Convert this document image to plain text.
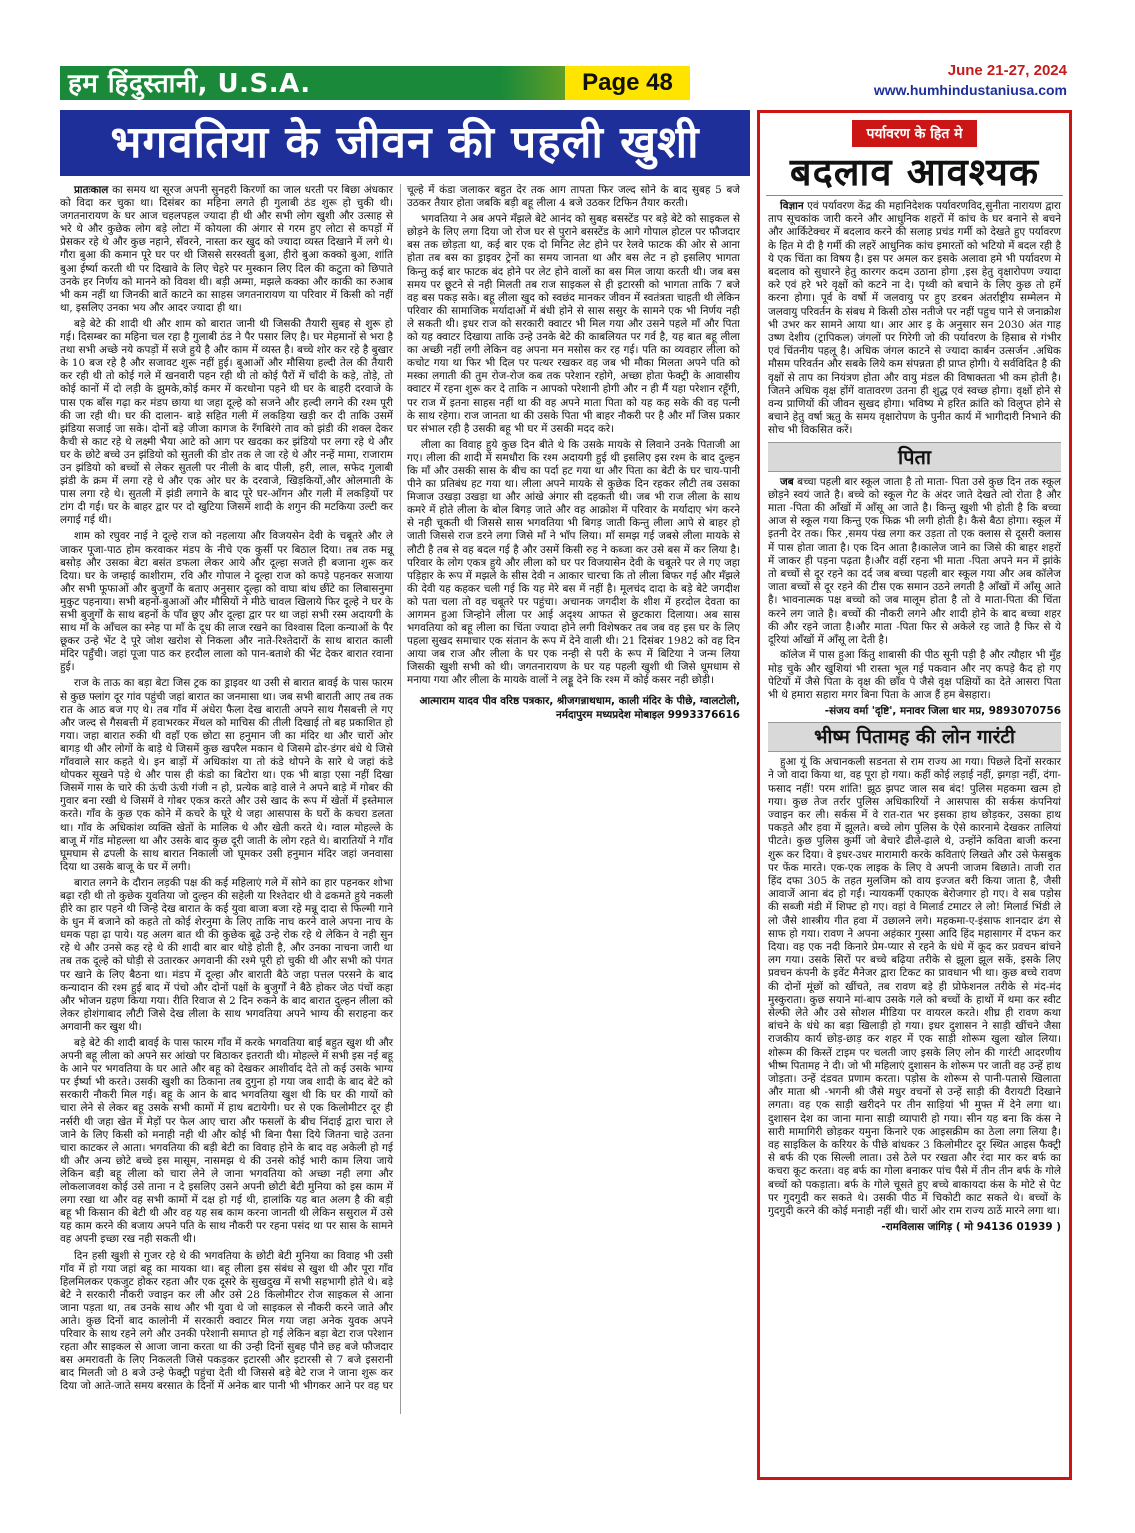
हम हिंदुस्तानी, U.S.A.	Page 48	June 21-27, 2024
www.humhindustaniusa.com
भगवतिया के जीवन की पहली खुशी

प्रातःकाल का समय था सूरज अपनी सुनहरी किरणों का जाल धरती पर बिछा अंधकार को विदा कर चुका था। दिसंबर का महिना लगते ही गुलाबी ठंड शुरू हो चुकी थी। जगतनारायण के घर आज चहलपहल ज्यादा ही थी और सभी लोग खुशी और उत्साह से भरे थे और कुछेक लोग बड़े लोटा में कोयला की अंगार से गरम हुए लोटा से कपड़ों में प्रेसकर रहे थे और कुछ नहाने, सँवरने, नास्ता कर खुद को ज्यादा व्यस्त दिखाने में लगे थे। गौरा बुआ की कमान पूरे घर पर थी जिससे सरस्वती बुआ, हीरो बुआ कक्को बुआ, शांति बुआ ईर्ष्या करती थी पर दिखावे के लिए चेहरे पर मुस्कान लिए दिल की कटुता को छिपाते उनके हर निर्णय को मानने को विवश थी। बड़ी अम्मा, मझले कक्का और काकी का रुआब भी कम नहीं था जिनकी बातें काटने का साहस जगतनारायण या परिवार में किसी को नहीं था, इसलिए उनका भय और आदर ज्यादा ही था।

बड़े बेटे की शादी थी और शाम को बारात जानी थी जिसकी तैयारी सुबह से शुरू हो गई। दिसम्बर का महिना चल रहा है गुलाबी ठंड ने पैर पसार लिए है। घर मेहमानों से भरा है तथा सभी अच्छे नये कपड़ों में सजे हुये है और काम में व्यस्त है। बच्चे शोर कर रहे है बुखार के 10 बज रहे है और सजावट शुरू नहीं हुई। बुआओं और मौसिया हल्दी तेल की तैयारी कर रही थी तो कोई गले में खनवारी पहन रही थी तो कोई पैरों में चाँदी के कड़े, तोड़े, तो कोई कानों में दो लड़ी के झुमके,कोई कमर में करधोना पहने थी घर के बाहरी दरवाजे के पास एक बाँस गढ़ा कर मंडप छाया था जहा दूल्हे को सजने और हल्दी लगने की रश्म पूरी की जा रही थी। घर की दालान- बाड़े सहित गली में लकड़िया खड़ी कर दी ताकि उसमें झंडिया सजाई जा सके। दोनों बड़े जीजा कागज के रँगबिरंगे ताव को झंडी की शक्ल देकर कैची से काट रहे थे लक्ष्मी भैया आटे को आग पर खदका कर झंडियो पर लगा रहे थे और घर के छोटे बच्चे उन झंडियो को सुतली की डोर तक ले जा रहे थे और नन्हें मामा, राजाराम उन झंडियो को बच्चों से लेकर सुतली पर नीली के बाद पीली, हरी, लाल, सफेद गुलाबी झंडी के क्रम में लगा रहे थे और एक ओर घर के दरवाजे, खिड़कियों,और ओलमाती के पास लगा रहे थे। सुतली में झंडी लगाने के बाद पूरे घर-आँगन और गली में लकड़ियों पर टांग दी गई। घर के बाहर द्वार पर दो खुटिया जिसमें शादी के शगुन की मटकिया उल्टी कर लगाई गई थी।

शाम को रघुवर नाई ने दूल्हे राज को नहलाया और विजयसेन देवी के चबूतरे और ले जाकर पूजा-पाठ होम करवाकर मंडप के नीचे एक कुर्सी पर बिठाल दिया। तब तक मन्नू बसोड़ और उसका बेटा बसंत डफला लेकर आये और दूल्हा सजते ही बजाना शुरू कर दिया। घर के जम्हाई काशीराम, रवि और गोपाल ने दूल्हा राज को कपड़े पहनकर सजाया और सभी फूफाओं और बुजुर्गों के बताए अनुसार दूल्हा को वाघा बांध छींटे का लिबासनुमा मुकुट पहनाया। सभी बहनों-बुआओं और मौसियों ने मीठे चावल खिलाये फिर दूल्हे ने घर के सभी बुजुर्गों के साथ बहनों के पाँव छूए और दूल्हा द्वार पर था जहां सभी रस्म अदायगी के साथ माँ के आँचल का स्नेह पा माँ के दूध की लाज रखने का विश्वास दिला कन्याओं के पैर छूकर उन्हे भेंट दे पूरे जोश खरोश से निकला और नाते-रिश्तेदारों के साथ बारात काली मंदिर पहुँची। जहां पूजा पाठ कर हरदौल लाला को पान-बताशे की भेंट देकर बारात रवाना हुई।

राज के ताऊ का बड़ा बेटा जिस ट्रक का ड्राइवर था उसी से बारात बावई के पास फारम से कुछ फ्लांग दूर गांव पहुंची जहां बारात का जनमासा था। जब सभी बाराती आए तब तक रात के आठ बज गए थे। तब गाँव में अंधेरा फैला देख बाराती अपने साथ गैसबत्ती ले गए और जल्द से गैसबत्ती में हवाभरकर मेंथल को माचिस की तीली दिखाई तो बह प्रकाशित हो गया। जहा बारात रुकी थी वहाँ एक छोटा सा हनुमान जी का मंदिर था और चारों ओर बागड़ थी और लोगों के बाड़े थे जिसमें कुछ खपरैल मकान थे जिसमे ढोर-डंगर बंधे थे जिसे गाँववाले सार कहते थे। इन बाड़ों में अधिकांश या तो कंडे थोपने के सारे थे जहां कंडे थोपकर सूखने पड़े थे और पास ही कंडो का बिटोरा था। एक भी बाड़ा एसा नहीं दिखा जिसमें गास के चारे की ऊंची ऊंची गंजी न हो, प्रत्येक बाड़े वाले ने अपने बाड़े में गोबर की गुवार बना रखी थे जिसमें वे गोबर एकत्र करते और उसे खाद के रूप में खेतों में इस्तेमाल करते। गाँव के कुछ एक कोने में कचरे के घूरे थे जहा आसपास के घरों के कचरा डलता था। गाँव के अधिकांश व्यक्ति खेतों के मालिक थे और खेती करते थे। ग्वाल मोहल्ले के बाजू में गोंड मोहल्ला था और उसके बाद कुछ दूरी जाती के लोग रहते थे। बारातियों ने गाँव घूमघाम से ढपली के साथ बारात निकाली जो घूमकर उसी हनुमान मंदिर जहां जनवासा दिया था उसके बाजू के घर में लगी।

बारात लगने के दौरान लड़की पक्ष की कई महिलाएं गले में सोने का हार पहनकर शोभा बढ़ा रही थी तो कुछेक युवतिया जो दुल्हन की सहेली या रिश्तेदार थी वे ढकमते हुये नकली हीरे का हार पहने थी जिन्हे देख बारात के कई युवा बाजा बजा रहे मन्नू दादा से फिल्मी गाने के धुन में बजाने को कहते तो कोई शेरनुमा के लिए ताकि नाच करने वाले अपना नाच के धमक पहा ढ़ा पाये। यह अलग बात थी की कुछेक बूढ़े उन्हे रोक रहे थे लेकिन वे नही सुन रहे थे और उनसे कह रहे थे की शादी बार बार थोड़े होती है, और उनका नाचना जारी था तब तक दूल्हे को घोड़ी से उतारकर अगवानी की रश्मे पूरी हो चुकी थी और सभी को पंगत पर खाने के लिए बैठना था। मंडप में दूल्हा और बाराती बैठे जहा पत्तल परसने के बाद कन्यादान की रश्म हुई बाद में पंचो और दोनों पक्षों के बुजुर्गों ने बैठे होकर जेठ पंचों कहा और भोजन ग्रहण किया गया। रीति रिवाज से 2 दिन रुकने के बाद बारात दुल्हन लीला को लेकर होशंगाबाद लौटी जिसे देख लीला के साथ भगवतिया अपने भाग्य की सराहना कर अगवानी कर खुश थी।

बड़े बेटे की शादी बावई के पास फारम गाँव में करके भगवतिया बाई बहुत खुश थी और अपनी बहू लीला को अपने सर आंखो पर बिठाकर इतराती थी। मोहल्ले में सभी इस नई बहू के आने पर भगवतिया के घर आते और बहू को देखकर आशीर्वाद देते तो कई उसके भाग्य पर ईर्ष्या भी करते। उसकी खुशी का ठिकाना तब दुगुना हो गया जब शादी के बाद बेटे को सरकारी नौकरी मिल गई। बहू के आन के बाद भगवतिया खुश थी कि घर की गायों को चारा लेने से लेकर बहू उसके सभी कामों में हाथ बटायेगी। घर से एक किलोमीटर दूर ही नर्सरी थी जहा खेत में मेड़ों पर फेल आए चारा और फसलों के बीच निंदाई द्वारा चारा ले जाने के लिए किसी को मनाही नही थी और कोई भी बिना पैसा दिये जितना चाहे उतना चारा काटकर ले आता। भगवतिया की बड़ी बेटी का विवाह होने के बाद वह अकेली हो गई थी और अन्य छोटे बच्चे इस मासूम, नासमझ थे की उनसे कोई भारी काम लिया जाये लेकिन बड़ी बहू लीला को चारा लेने ले जाना भगवतिया को अच्छा नही लगा और लोकलाजवश कोई उसे ताना न दे इसलिए उसने अपनी छोटी बेटी मुनिया को इस काम में लगा रखा था और वह सभी कामों में दक्ष हो गई थी, हालांकि यह बात अलग है की बड़ी बहू भी किसान की बेटी थी और वह यह सब काम करना जानती थी लेकिन ससुराल में उसे यह काम करने की बजाय अपने पति के साथ नौकरी पर रहना पसंद था पर सास के सामने वह अपनी इच्छा रख नही सकती थी।

दिन हसी खुशी से गुजर रहे थे की भगवतिया के छोटी बेटी मुनिया का विवाह भी उसी गाँव में हो गया जहां बहू का मायका था। बहू लीला इस संबंध से खुश थी और पूरा गाँव हिलमिलकर एकजुट होकर रहता और एक दूसरे के सुखदुख में सभी सहभागी होते थे। बड़े बेटे ने सरकारी नौकरी ज्वाइन कर ली और उसे 28 किलोमीटर रोज साइकल से आना जाना पड़ता था, तब उनके साथ और भी युवा थे जो साइकल से नौकरी करने जाते और आते। कुछ दिनों बाद कालोनी में सरकारी क्वाटर मिल गया जहा अनेक युवक अपने परिवार के साथ रहने लगे और उनकी परेशानी समाप्त हो गई लेकिन बड़ा बेटा राज परेशान रहता और साइकल से आजा जाना करता था की उन्ही दिनों सुबह पौने छह बजे फौजदार बस अमरावती के लिए निकलती जिसे पकड़कर इटारसी और इटारसी से 7 बजे इसरानी बाद मिलती जो 8 बजे उन्हे फेक्ट्री पहुंचा देती थी जिससे बड़े बेटे राज ने जाना शुरू कर दिया जो आते-जाते समय बरसात के दिनों में अनेक बार पानी भी भीगकर आने पर वह घर चूल्हे में कंडा जलाकर बहुत देर तक आग तापता फिर जल्द सोने के बाद सुबह 5 बजे उठकर तैयार होता जबकि बड़ी बहू लीला 4 बजे उठकर टिफिन तैयार करती।

भगवतिया ने अब अपने मँझले बेटे आनंद को सुबह बसस्टेंड पर बड़े बेटे को साइकल से छोड़ने के लिए लगा दिया जो रोज घर से पुराने बसस्टेंड के आगे गोपाल होटल पर फौजदार बस तक छोड़ता था, कई बार एक दो मिनिट लेट होने पर रेलवे फाटक की ओर से आना होता तब बस का ड्राइवर ट्रेनों का समय जानता था और बस लेट न हो इसलिए भागता किन्तु कई बार फाटक बंद होने पर लेट होने वालों का बस मिल जाया करती थी। जब बस समय पर छूटने से नही मिलती तब राज साइकल से ही इटारसी को भागता ताकि 7 बजे वह बस पकड़ सके। बहू लीला खुद को स्वछंद मानकर जीवन में स्वतंत्रता चाहती थी लेकिन परिवार की सामाजिक मर्यादाओं में बंधी होने से सास ससुर के सामने एक भी निर्णय नही ले सकती थी। इधर राज को सरकारी क्वाटर भी मिल गया और उसने पहले माँ और पिता को यह क्वाटर दिखाया ताकि उन्हे उनके बेटे की काबलियत पर गर्व है, यह बात बहू लीला का अच्छी नहीं लगी लेकिन वह अपना मन मसोस कर रह गई। पति का व्यवहार लीला को कचोट गया था फिर भी दिल पर पत्थर रखकर वह जब भी मौका मिलता अपने पति को मस्का लगाती की तुम रोज-रोज कब तक परेशान रहोगे, अच्छा होता फेक्ट्री के आवासीय क्वाटर में रहना शुरू कर दे ताकि न आपको परेशानी होगी और न ही मैं यहा परेशान रहूँगी, पर राज में इतना साहस नहीं था की वह अपने माता पिता को यह कह सके की वह पत्नी के साथ रहेगा। राज जानता था की उसके पिता भी बाहर नौकरी पर है और माँ जिस प्रकार घर संभाल रही है उसकी बहू भी घर में उसकी मदद करे।

लीला का विवाह हुये कुछ दिन बीते थे कि उसके मायके से लिवाने उनके पिताजी आ गए। लीला की शादी में समधौरा कि रश्म अदायगी हुई थी इसलिए इस रश्म के बाद दुल्हन कि माँ और उसकी सास के बीच का पर्दा हट गया था और पिता का बेटी के घर चाय-पानी पीने का प्रतिबंध हट गया था। लीला अपने मायके से कुछेक दिन रहकर लौटी तब उसका मिजाज उखड़ा उखड़ा था और आंखे अंगार सी दहकती थी। जब भी राज लीला के साथ कमरे में होते लीला के बोल बिगड़ जाते और वह आक्रोश में परिवार के मर्यादाए भंग करने से नही चूकती थी जिससे सास भगवतिया भी बिगड़ जाती किन्तु लीला आपे से बाहर हो जाती जिससे राज डरने लगा जिसे माँ ने भाँप लिया। माँ समझ गई जबसे लीला मायके से लौटी है तब से वह बदल गई है और उसमें किसी रुह ने कब्जा कर उसे बस में कर लिया है। परिवार के लोग एकत्र हुये और लीला को घर पर विजयासेन देवी के चबूतरे पर ले गए जहा पड़िहार के रूप में मझले के सीस देवी न आकार चारचा कि तो लीला बिफर गई और मँझले की देवी यह कहकर चली गई कि यह मेरे बस में नहीं है। मूलचंद दादा के बड़े बेटे जगदीश को पता चला तो वह चबूतरे पर पहुंचा। अचानक जगदीश के शीश में हरदोल देवता का आगमन हुआ जिन्होने लीला पर आई अदृश्य आफत से छुटकारा दिलाया। अब सास भगवतिया को बहू लीला का चिंता ज्यादा होने लगी विशेषकर तब जब वह इस घर के लिए पहला सुखद समाचार एक संतान के रूप में देने वाली थी। 21 दिसंबर 1982 को वह दिन आया जब राज और लीला के घर एक नन्ही से परी के रूप में बिटिया ने जन्म लिया जिसकी खुशी सभी को थी। जगतनारायण के घर यह पहली खुशी थी जिसे धूमधाम से मनाया गया और लीला के मायके वालों ने लड्डू देने कि रश्म में कोई कसर नही छोड़ी।

आत्माराम यादव पीव वरिष्ठ पत्रकार, श्रीजगन्नाथधाम, काली मंदिर के पीछे, ग्वालटोली, नर्मदापुरम मध्यप्रदेश मोबाइल 9993376616

पर्यावरण के हित मे
बदलाव आवश्यक

विज्ञान एवं पर्यावरण केंद्र की महानिदेशक पर्यावरणविद,सुनीता नारायण द्वारा ताप सूचकांक जारी करने और आधुनिक शहरों में कांच के घर बनाने से बचने और आर्किटेक्चर में बदलाव करने की सलाह प्रचंड गर्मी को देखते हुए पर्यावरण के हित मे दी है गर्मी की लहरें आधुनिक कांच इमारतों को भटियो में बदल रही है ये एक चिंता का विषय है। इस पर अमल कर इसके अलावा हमे भी पर्यावरण मे बदलाव को सुधारने हेतु कारगर कदम उठाना होगा ,इस हेतु वृक्षारोपण ज्यादा करे एवं हरे भरे वृक्षों को कटने ना दे। पृथ्वी को बचाने के लिए कुछ तो हमें करना होगा। पूर्व के वर्षो में जलवायु पर हुए डरबन अंतर्राष्ट्रीय सम्मेलन मे जलवायु परिवर्तन के संबध मे किसी ठोस नतीजे पर नहीं पहुच पाने से जनाक्रोश भी उभर कर सामने आया था। आर आर इ के अनुसार सन 2030 अंत गाह उष्ण देशीय (ट्रापिकल) जंगलों पर गिरेगी जो की पर्यावरण के हिसाब से गंभीर एवं चिंतनीय पहलू है। अधिक जंगल काटने से ज्यादा कार्बन उत्सर्जन .अधिक मौसम परिवर्तन और सबके लिये कम संपन्नता ही प्राप्त होगी। ये सर्वविदित है की वृक्षों से ताप का नियंत्रण होता और वायु मंडल की विषाक्तता भी कम होती है। जितने अधिक वृक्ष होंगें वातावरण उतना ही शुद्ध एवं स्वच्छ होगा। वृक्षों होने से वन्य प्राणियों की जीवन सुखद होगा। भविष्य मे हरित क्रांति को विलुप्त होने से बचाने हेतु वर्षा ऋतु के समय वृक्षारोपण के पुनीत कार्य में भागीदारी निभाने की सोच भी विकसित करें।

पिता

जब बच्चा पहली बार स्कूल जाता है तो माता- पिता उसे कुछ दिन तक स्कूल छोड़ने स्वयं जाते है। बच्चे को स्कूल गेट के अंदर जाते देखते त्वो रोता है और माता -पिता की आँखों में आँसू आ जाते है। किन्तु खुशी भी होती है कि बच्चा आज से स्कूल गया किन्तु एक फिक्र भी लगी होती है। कैसे बैठा होगा। स्कूल में इतनी देर तक। फिर ,समय पंख लगा कर उड़ता तो एक क्लास से दूसरी क्लास में पास होता जाता है। एक दिन आता है।कालेज जाने का जिसे की बाहर शहरों में जाकर ही पड़ना पढ़ता है।और वहीं रहना भी माता -पिता अपने मन में झांके तो बच्चों से दूर रहने का दर्द जब बच्चा पहली बार स्कूल गया और अब कॉलेज जाता बच्चों से दूर रहने की टीस एक समान उठने लगती है आँखों में आँसू आते है। भावनात्मक पक्ष बच्चो को जब मालूम होता है तो वे माता-पिता की चिंता करने लग जाते है। बच्चों की नौकरी लगने और शादी होने के बाद बच्चा शहर की और रहने जाता है।और माता -पिता फिर से अकेले रह जाते है फिर से ये दूरियां आँखों में आँसू ला देती है।

कॉलेज में पास हुआ किंतु शाबासी की पीठ सूनी पड़ी है और त्यौहार भी मुँह मोड़ चुके और खुशियां भी रास्ता भूल गई पकवान और नए कपड़े कैद हो गए पेटियों में जैसे पिता के वृक्ष की छाँव पे जैसे वृक्ष पक्षियों का देते आसरा पिता भी थे हमारा सहारा मगर बिना पिता के आज हैं हम बेसहारा।

-संजय वर्मा 'दृष्टि', मनावर जिला धार मप्र, 9893070756

भीष्म पितामह की लोन गारंटी

हुआ यूं कि अचानकली सडनता से राम राज्य आ गया। पिछले दिनों सरकार ने जो वादा किया था, वह पूरा हो गया। कहीं कोई लड़ाई नहीं, झगड़ा नहीं, दंगा-फसाद नहीं! परम शांति! झूठ झपट जाल सब बंद! पुलिस महकमा खत्म हो गया। कुछ तेज तर्रार पुलिस अधिकारियों ने आसपास की सर्कस कंपनियां ज्वाइन कर ली। सर्कस में वे रात-रात भर इसका हाथ छोड़कर, उसका हाथ पकड़ते और हवा में झूलते। बच्चे लोग पुलिस के ऐसे कारनामे देखकर तालियां पीटते। कुछ पुलिस कुर्मी जो बेचारे ढीले-ढ़ाले थे, उन्होंने कविता बाजी करना शुरू कर दिया। वे इधर-उधर मारामारी करके कविताएं लिखते और उसे फेसबुक पर फेंक मारते। एक-एक लाइक के लिए वे अपनी जाजम बिछाते। ताजी रात हिंद दफा 305 के तहत मुलजिम को वाय इज्जत बरी किया जाता है, जैसी आवाजें आना बंद हो गईं। न्यायकर्मी एकाएक बेरोजगार हो गए। वे सब पड़ोस की सब्जी मंडी में शिफ्ट हो गए। वहां वे मिलार्ड टमाटर ले लो! मिलार्ड भिंडी ले लो जैसे शास्त्रीय गीत हवा में उछालने लगे। महकमा-ए-इंसाफ शानदार ढंग से साफ हो गया। रावण ने अपना अहंकार गुस्सा आदि हिंद महासागर में दफन कर दिया। वह एक नदी किनारे प्रेम-प्यार से रहने के धंधे में कूद कर प्रवचन बांचने लग गया। उसके सिरों पर बच्चे बढ़िया तरीके से झूला झूल सकें, इसके लिए प्रवचन कंपनी के इवेंट मैनेजर द्वारा टिकट का प्रावधान भी था। कुछ बच्चे रावण की दोनों मूंछों को खींचते, तब रावण बड़े ही प्रोफेशनल तरीके से मंद-मंद मुस्कुराता। कुछ सयाने मां-बाप उसके गले को बच्चों के हाथों में थमा कर स्वीट सेल्फी लेते और उसे सोशल मीडिया पर वायरल करते। शीघ्र ही रावण कथा बांचने के धंधे का बड़ा खिलाड़ी हो गया। इधर दुशासन ने साड़ी खींचने जैसा राजकीय कार्य छोड़-छाड़ कर शहर में एक साड़ी शोरूम खुला खोल लिया। शोरूम की किस्तें टाइम पर चलती जाए इसके लिए लोन की गारंटी आदरणीय भीष्म पितामह ने दी। जो भी महिलाएं दुशासन के शोरूम पर जाती वह उन्हें हाथ जोड़ता। उन्हें दंडवत प्रणाम करता। पड़ोस के शोरूम से पानी-पतासे खिलाता और माता श्री -भगनी श्री जैसे मधुर वचनों से उन्हें साड़ी की वैरायटी दिखाने लगता। वह एक साड़ी खरीदने पर तीन साड़ियां भी मुफ्त में देने लगा था। दुशासन देश का जाना माना साड़ी व्यापारी हो गया। सीन यह बना कि कंस ने सारी मामागिरी छोड़कर यमुना किनारे एक आइसक्रीम का ठेला लगा लिया है। वह साइकिल के करियर के पीछे बांधकर 3 किलोमीटर दूर स्थित आइस फैक्ट्री से बर्फ की एक सिल्ली लाता। उसे ठेले पर रखता और रंदा मार कर बर्फ का कचरा कूट करता। वह बर्फ का गोला बनाकर पांच पैसे में तीन तीन बर्फ के गोले बच्चों को पकड़ाता। बर्फ के गोले चूसते हुए बच्चे बाकायदा कंस के मोटे से पेट पर गुदगुदी कर सकते थे। उसकी पीठ में चिकोटी काट सकते थे। बच्चों के गुदगुदी करने की कोई मनाही नहीं थी। चारों ओर राम राज्य ठाठें मारने लगा था।

-रामविलास जांगिड़ ( मो 94136 01939 )
